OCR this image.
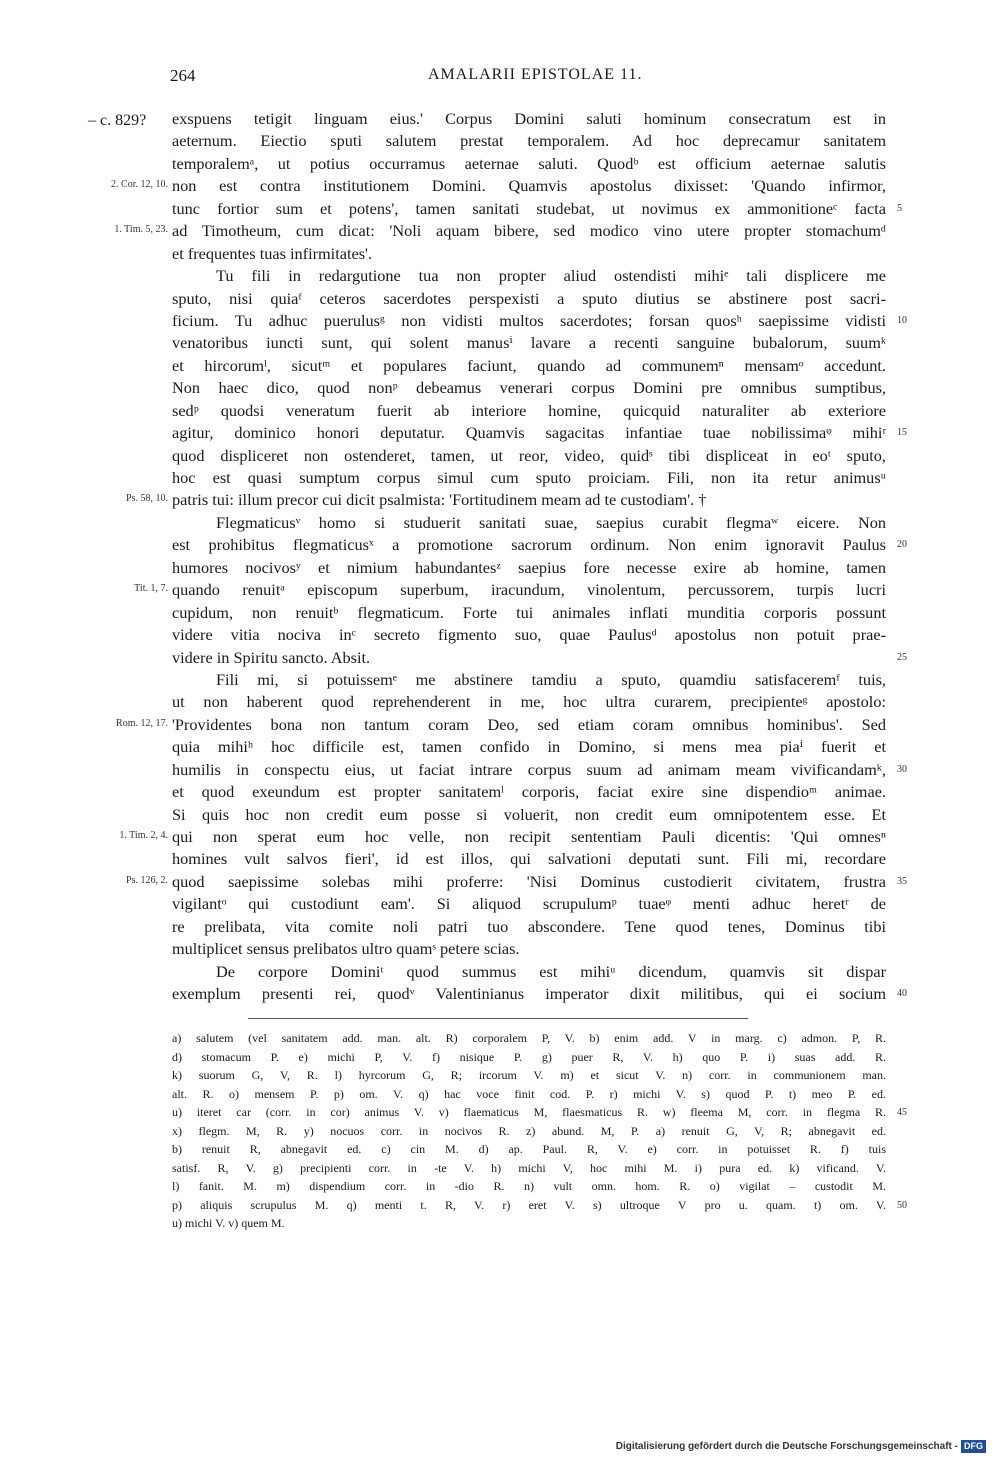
264	AMALARII EPISTOLAE 11.
– c. 829? exspuens tetigit linguam eius.' Corpus Domini saluti hominum consecratum est in
aeternum. Eiectio sputi salutem prestat temporalem. Ad hoc deprecamur sanitatem
temporalemᵃ, ut potius occurramus aeternae saluti. Quodᵇ est officium aeternae salutis
2. Cor. 12, 10. non est contra institutionem Domini. Quamvis apostolus dixisset: 'Quando infirmor,
tunc fortior sum et potens', tamen sanitati studebat, ut novimus ex ammonitioneᶜ facta 5
1. Tim. 5, 23. ad Timotheum, cum dicat: 'Noli aquam bibere, sed modico vino utere propter stomachumᵈ
et frequentes tuas infirmitates'.
Tu fili in redargutione tua non propter aliud ostendisti mihiᵉ tali displicere me
sputo, nisi quiaᶠ ceteros sacerdotes perspexisti a sputo diutius se abstinere post sacri-
ficium. Tu adhuc puerulusᵍ non vidisti multos sacerdotes; forsan quosʰ saepissime vidisti 10
venatoribus iuncti sunt, qui solent manusⁱ lavare a recenti sanguine bubalorum, suumᵏ
et hircorumˡ, sicutᵐ et populares faciunt, quando ad communemⁿ mensamᵒ accedunt.
Non haec dico, quod nonᵖ debeamus venerari corpus Domini pre omnibus sumptibus,
sedᵖ quodsi veneratum fuerit ab interiore homine, quicquid naturaliter ab exteriore
agitur, dominico honori deputatur. Quamvis sagacitas infantiae tuae nobilissimaᵠ mihiʳ 15
quod displiceret non ostenderet, tamen, ut reor, video, quidˢ tibi displiceat in eoᵗ sputo,
hoc est quasi sumptum corpus simul cum sputo proiciam. Fili, non ita retur animusᵘ
Ps. 58, 10. patris tui: illum precor cui dicit psalmista: 'Fortitudinem meam ad te custodiam'. †
Flegmaticusᵛ homo si studuerit sanitati suae, saepius curabit flegmaʷ eicere. Non
est prohibitus flegmaticusˣ a promotione sacrorum ordinum. Non enim ignoravit Paulus 20
humores nocivosʸ et nimium habundantesᶻ saepius fore necesse exire ab homine, tamen
Tit. 1, 7. quando renuitᵃ episcopum superbum, iracundum, vinolentum, percussorem, turpis lucri
cupidum, non renuitᵇ flegmaticum. Forte tui animales inflati munditia corporis possunt
videre vitia nociva inᶜ secreto figmento suo, quae Paulusᵈ apostolus non potuit prae-
videre in Spiritu sancto. Absit.	25
Fili mi, si potuissemᵉ me abstinere tamdiu a sputo, quamdiu satisfaceremᶠ tuis,
ut non haberent quod reprehenderent in me, hoc ultra curarem, precipienteᵍ apostolo:
Rom. 12, 17. 'Providentes bona non tantum coram Deo, sed etiam coram omnibus hominibus'. Sed
quia mihiʰ hoc difficile est, tamen confido in Domino, si mens mea piaⁱ fuerit et
humilis in conspectu eius, ut faciat intrare corpus suum ad animam meam vivificandamᵏ, 30
et quod exeundum est propter sanitatemˡ corporis, faciat exire sine dispendioᵐ animae.
Si quis hoc non credit eum posse si voluerit, non credit eum omnipotentem esse. Et
1. Tim. 2, 4. qui non sperat eum hoc velle, non recipit sententiam Pauli dicentis: 'Qui omnesⁿ
homines vult salvos fieri', id est illos, qui salvationi deputati sunt. Fili mi, recordare
Ps. 126, 2. quod saepissime solebas mihi proferre: 'Nisi Dominus custodierit civitatem, frustra 35
vigilantᵒ qui custodiunt eam'. Si aliquod scrupulumᵖ tuaeᵠ menti adhuc heretʳ de
re prelibata, vita comite noli patri tuo abscondere. Tene quod tenes, Dominus tibi
multiplicet sensus prelibatos ultro quamˢ petere scias.
De corpore Dominiᵗ quod summus est mihiᵘ dicendum, quamvis sit dispar
exemplum presenti rei, quodᵛ Valentinianus imperator dixit militibus, qui ei socium 40
a) salutem (vel sanitatem add. man. alt. R) corporalem P, V. b) enim add. V in marg. c) admon. P, R.
d) stomacum P. e) michi P, V. f) nisique P. g) puer R, V. h) quo P. i) suas add. R.
k) suorum G, V, R. l) hyrcorum G, R; ircorum V. m) et sicut V. n) corr. in communionem man.
alt. R. o) mensem P. p) om. V. q) hac voce finit cod. P. r) michi V. s) quod P. t) meo P. ed.
u) iteret car (corr. in cor) animus V. v) flaematicus M, flaesmaticus R. w) fleema M, corr. in flegma R. 45
x) flegm. M, R. y) nocuos corr. in nocivos R. z) abund. M, P. a) renuit G, V, R; abnegavit ed.
b) renuit R, abnegavit ed. c) cin M. d) ap. Paul. R, V. e) corr. in potuisset R. f) tuis
satisf. R, V. g) precipienti corr. in -te V. h) michi V, hoc mihi M. i) pura ed. k) vificand. V.
l) fanit. M. m) dispendium corr. in -dio R. n) vult omn. hom. R. o) vigilat – custodit M.
p) aliquis scrupulus M. q) menti t. R, V. r) eret V. s) ultroque V pro u. quam. t) om. V. 50
u) michi V. v) quem M.
Digitalisierung gefördert durch die Deutsche Forschungsgemeinschaft - DFG
